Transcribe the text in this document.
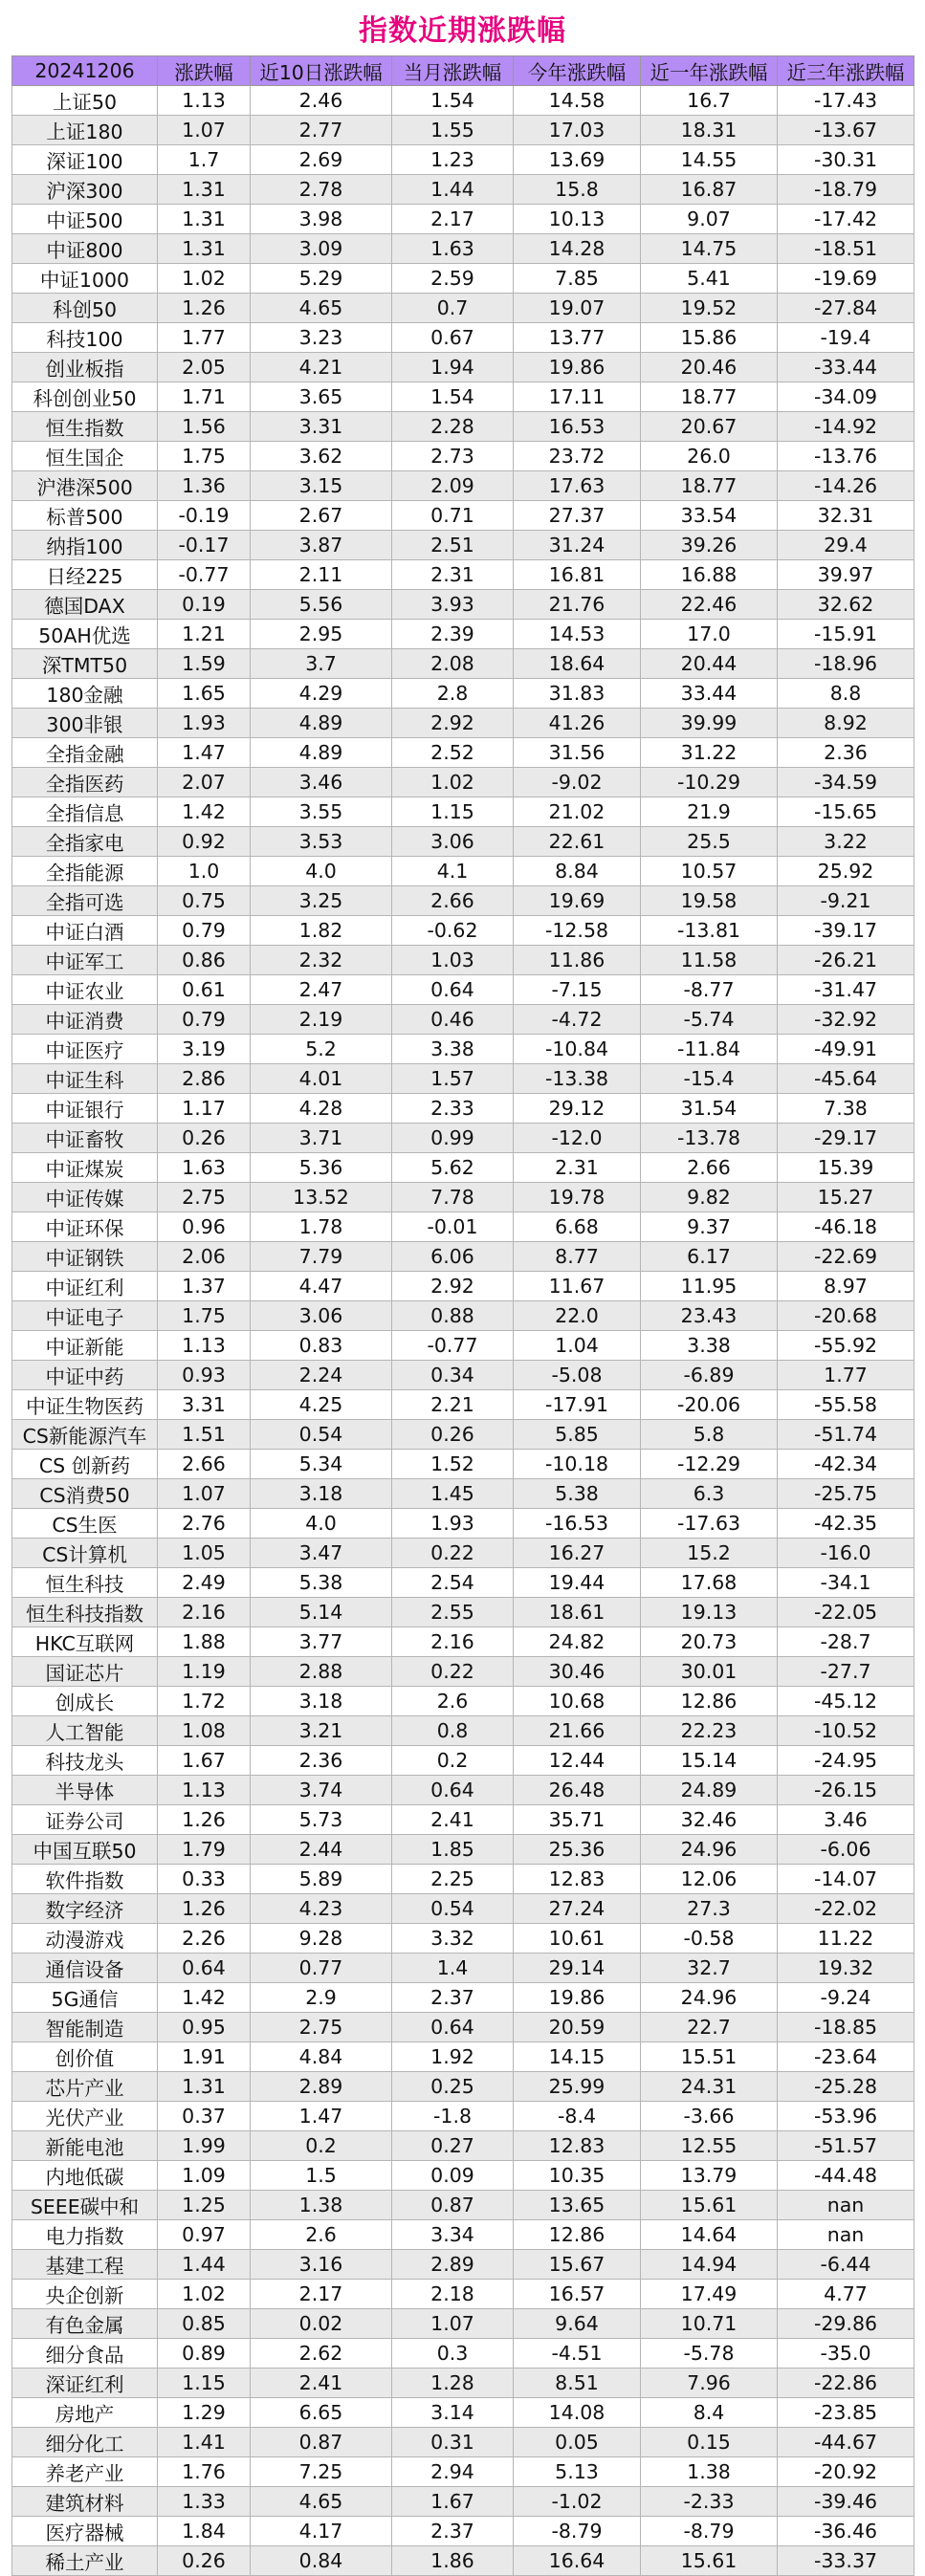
指数近期涨跌幅
20241206	涨跌幅	近10日涨跌幅	当月涨跌幅	今年涨跌幅	近一年涨跌幅	近三年涨跌幅
上证50	1.13	2.46	1.54	14.58	16.7	-17.43
上证180	1.07	2.77	1.55	17.03	18.31	-13.67
深证100	1.7	2.69	1.23	13.69	14.55	-30.31
沪深300	1.31	2.78	1.44	15.8	16.87	-18.79
中证500	1.31	3.98	2.17	10.13	9.07	-17.42
中证800	1.31	3.09	1.63	14.28	14.75	-18.51
中证1000	1.02	5.29	2.59	7.85	5.41	-19.69
科创50	1.26	4.65	0.7	19.07	19.52	-27.84
科技100	1.77	3.23	0.67	13.77	15.86	-19.4
创业板指	2.05	4.21	1.94	19.86	20.46	-33.44
科创创业50	1.71	3.65	1.54	17.11	18.77	-34.09
恒生指数	1.56	3.31	2.28	16.53	20.67	-14.92
恒生国企	1.75	3.62	2.73	23.72	26.0	-13.76
沪港深500	1.36	3.15	2.09	17.63	18.77	-14.26
标普500	-0.19	2.67	0.71	27.37	33.54	32.31
纳指100	-0.17	3.87	2.51	31.24	39.26	29.4
日经225	-0.77	2.11	2.31	16.81	16.88	39.97
德国DAX	0.19	5.56	3.93	21.76	22.46	32.62
50AH优选	1.21	2.95	2.39	14.53	17.0	-15.91
深TMT50	1.59	3.7	2.08	18.64	20.44	-18.96
180金融	1.65	4.29	2.8	31.83	33.44	8.8
300非银	1.93	4.89	2.92	41.26	39.99	8.92
全指金融	1.47	4.89	2.52	31.56	31.22	2.36
全指医药	2.07	3.46	1.02	-9.02	-10.29	-34.59
全指信息	1.42	3.55	1.15	21.02	21.9	-15.65
全指家电	0.92	3.53	3.06	22.61	25.5	3.22
全指能源	1.0	4.0	4.1	8.84	10.57	25.92
全指可选	0.75	3.25	2.66	19.69	19.58	-9.21
中证白酒	0.79	1.82	-0.62	-12.58	-13.81	-39.17
中证军工	0.86	2.32	1.03	11.86	11.58	-26.21
中证农业	0.61	2.47	0.64	-7.15	-8.77	-31.47
中证消费	0.79	2.19	0.46	-4.72	-5.74	-32.92
中证医疗	3.19	5.2	3.38	-10.84	-11.84	-49.91
中证生科	2.86	4.01	1.57	-13.38	-15.4	-45.64
中证银行	1.17	4.28	2.33	29.12	31.54	7.38
中证畜牧	0.26	3.71	0.99	-12.0	-13.78	-29.17
中证煤炭	1.63	5.36	5.62	2.31	2.66	15.39
中证传媒	2.75	13.52	7.78	19.78	9.82	15.27
中证环保	0.96	1.78	-0.01	6.68	9.37	-46.18
中证钢铁	2.06	7.79	6.06	8.77	6.17	-22.69
中证红利	1.37	4.47	2.92	11.67	11.95	8.97
中证电子	1.75	3.06	0.88	22.0	23.43	-20.68
中证新能	1.13	0.83	-0.77	1.04	3.38	-55.92
中证中药	0.93	2.24	0.34	-5.08	-6.89	1.77
中证生物医药	3.31	4.25	2.21	-17.91	-20.06	-55.58
CS新能源汽车	1.51	0.54	0.26	5.85	5.8	-51.74
CS 创新药	2.66	5.34	1.52	-10.18	-12.29	-42.34
CS消费50	1.07	3.18	1.45	5.38	6.3	-25.75
CS生医	2.76	4.0	1.93	-16.53	-17.63	-42.35
CS计算机	1.05	3.47	0.22	16.27	15.2	-16.0
恒生科技	2.49	5.38	2.54	19.44	17.68	-34.1
恒生科技指数	2.16	5.14	2.55	18.61	19.13	-22.05
HKC互联网	1.88	3.77	2.16	24.82	20.73	-28.7
国证芯片	1.19	2.88	0.22	30.46	30.01	-27.7
创成长	1.72	3.18	2.6	10.68	12.86	-45.12
人工智能	1.08	3.21	0.8	21.66	22.23	-10.52
科技龙头	1.67	2.36	0.2	12.44	15.14	-24.95
半导体	1.13	3.74	0.64	26.48	24.89	-26.15
证券公司	1.26	5.73	2.41	35.71	32.46	3.46
中国互联50	1.79	2.44	1.85	25.36	24.96	-6.06
软件指数	0.33	5.89	2.25	12.83	12.06	-14.07
数字经济	1.26	4.23	0.54	27.24	27.3	-22.02
动漫游戏	2.26	9.28	3.32	10.61	-0.58	11.22
通信设备	0.64	0.77	1.4	29.14	32.7	19.32
5G通信	1.42	2.9	2.37	19.86	24.96	-9.24
智能制造	0.95	2.75	0.64	20.59	22.7	-18.85
创价值	1.91	4.84	1.92	14.15	15.51	-23.64
芯片产业	1.31	2.89	0.25	25.99	24.31	-25.28
光伏产业	0.37	1.47	-1.8	-8.4	-3.66	-53.96
新能电池	1.99	0.2	0.27	12.83	12.55	-51.57
内地低碳	1.09	1.5	0.09	10.35	13.79	-44.48
SEEE碳中和	1.25	1.38	0.87	13.65	15.61	nan
电力指数	0.97	2.6	3.34	12.86	14.64	nan
基建工程	1.44	3.16	2.89	15.67	14.94	-6.44
央企创新	1.02	2.17	2.18	16.57	17.49	4.77
有色金属	0.85	0.02	1.07	9.64	10.71	-29.86
细分食品	0.89	2.62	0.3	-4.51	-5.78	-35.0
深证红利	1.15	2.41	1.28	8.51	7.96	-22.86
房地产	1.29	6.65	3.14	14.08	8.4	-23.85
细分化工	1.41	0.87	0.31	0.05	0.15	-44.67
养老产业	1.76	7.25	2.94	5.13	1.38	-20.92
建筑材料	1.33	4.65	1.67	-1.02	-2.33	-39.46
医疗器械	1.84	4.17	2.37	-8.79	-8.79	-36.46
稀土产业	0.26	0.84	1.86	16.64	15.61	-33.37
